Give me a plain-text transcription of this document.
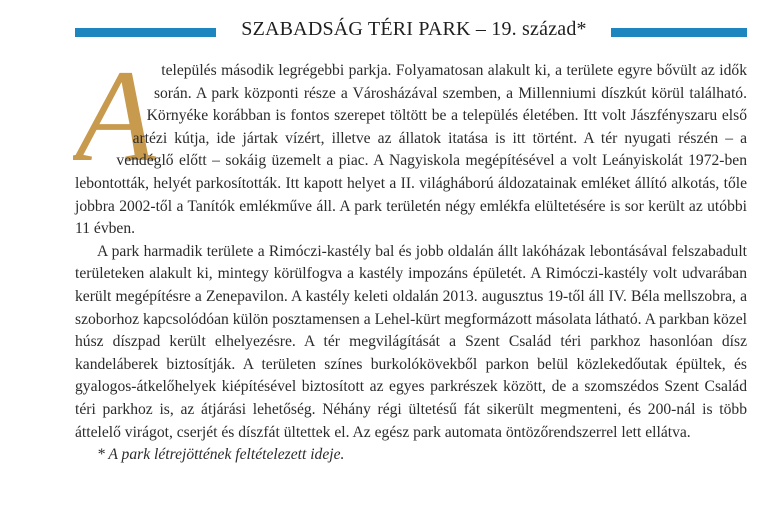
SZABADSÁG TÉRI PARK – 19. század*
A település második legrégebbi parkja. Folyamatosan alakult ki, a területe egyre bővült az idők során. A park központi része a Városházával szemben, a Millenniumi díszkút körül található. Környéke korábban is fontos szerepet töltött be a település életében. Itt volt Jászfényszaru első artézi kútja, ide jártak vízért, illetve az állatok itatása is itt történt. A tér nyugati részén – a vendéglő előtt – sokáig üzemelt a piac. A Nagyiskola megépítésével a volt Leányiskolát 1972-ben lebontották, helyét parkosították. Itt kapott helyet a II. világháború áldozatainak emléket állító alkotás, tőle jobbra 2002-től a Tanítók emlékműve áll. A park területén négy emlékfa elültetésére is sor került az utóbbi 11 évben.

A park harmadik területe a Rimóczi-kastély bal és jobb oldalán állt lakóházak lebontásával felszabadult területeken alakult ki, mintegy körülfogva a kastély impozáns épületét. A Rimóczi-kastély volt udvarában került megépítésre a Zenepavilon. A kastély keleti oldalán 2013. augusztus 19-től áll IV. Béla mellszobra, a szoborhoz kapcsolódóan külön posztamensen a Lehel-kürt megformázott másolata látható. A parkban közel húsz díszpad került elhelyezésre. A tér megvilágítását a Szent Család téri parkhoz hasonlóan dísz kandeláberek biztosítják. A területen színes burkolókövekből parkon belül közlekedőutak épültek, és gyalogos-átkelőhelyek kiépítésével biztosított az egyes parkrészek között, de a szomszédos Szent Család téri parkhoz is, az átjárási lehetőség. Néhány régi ültetésű fát sikerült megmenteni, és 200-nál is több áttelelő virágot, cserjét és díszfát ültettek el. Az egész park automata öntözőrendszerrel lett ellátva.

* A park létrejöttének feltételezett ideje.
